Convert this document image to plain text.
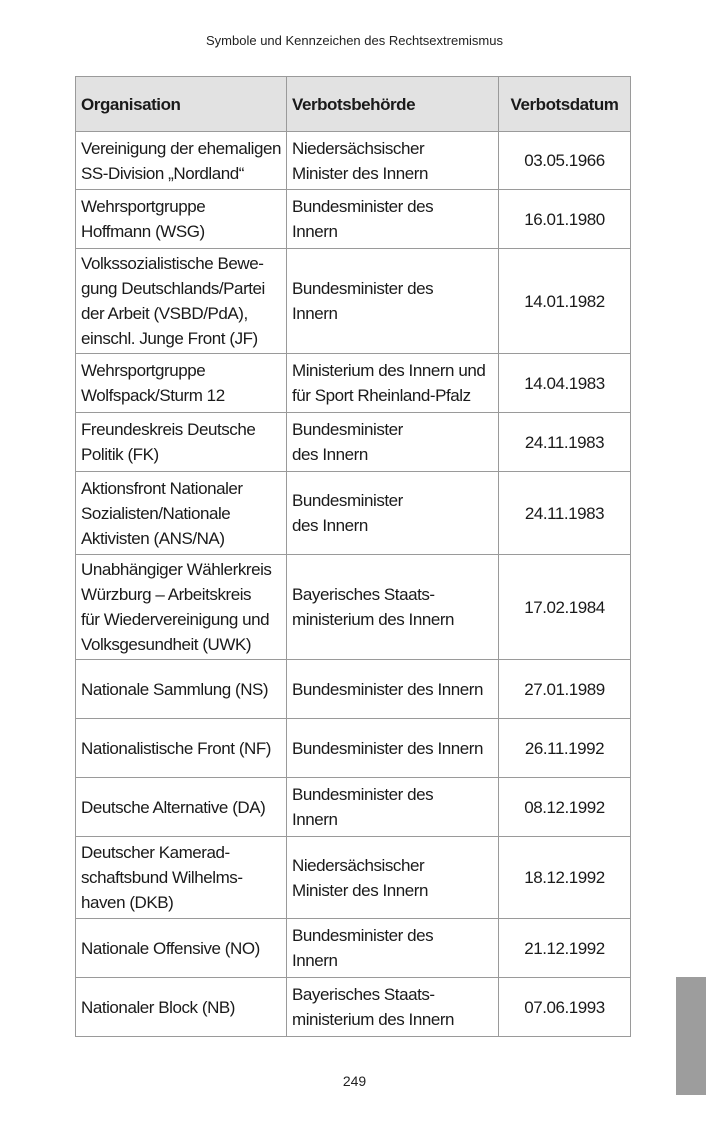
Symbole und Kennzeichen des Rechtsextremismus
Organisation	Verbotsbehörde	Verbotsdatum

Vereinigung der ehemaligen
SS-Division „Nordland“	Niedersächsischer
Minister des Innern	03.05.1966

Wehrsportgruppe
Hoffmann (WSG)	Bundesminister des
Innern	16.01.1980

Volkssozialistische Bewe-
gung Deutschlands/Partei
der Arbeit (VSBD/PdA),
einschl. Junge Front (JF)	Bundesminister des
Innern	14.01.1982

Wehrsportgruppe
Wolfspack/Sturm 12	Ministerium des Innern und
für Sport Rheinland-Pfalz	14.04.1983

Freundeskreis Deutsche
Politik (FK)	Bundesminister
des Innern	24.11.1983

Aktionsfront Nationaler
Sozialisten/Nationale
Aktivisten (ANS/NA)	Bundesminister
des Innern	24.11.1983

Unabhängiger Wählerkreis
Würzburg – Arbeitskreis
für Wiedervereinigung und
Volksgesundheit (UWK)	Bayerisches Staats-
ministerium des Innern	17.02.1984

Nationale Sammlung (NS)	Bundesminister des Innern	27.01.1989

Nationalistische Front (NF)	Bundesminister des Innern	26.11.1992

Deutsche Alternative (DA)	Bundesminister des
Innern	08.12.1992

Deutscher Kamerad-
schaftsbund Wilhelms-
haven (DKB)	Niedersächsischer
Minister des Innern	18.12.1992

Nationale Offensive (NO)	Bundesminister des
Innern	21.12.1992

Nationaler Block (NB)	Bayerisches Staats-
ministerium des Innern	07.06.1993
249
